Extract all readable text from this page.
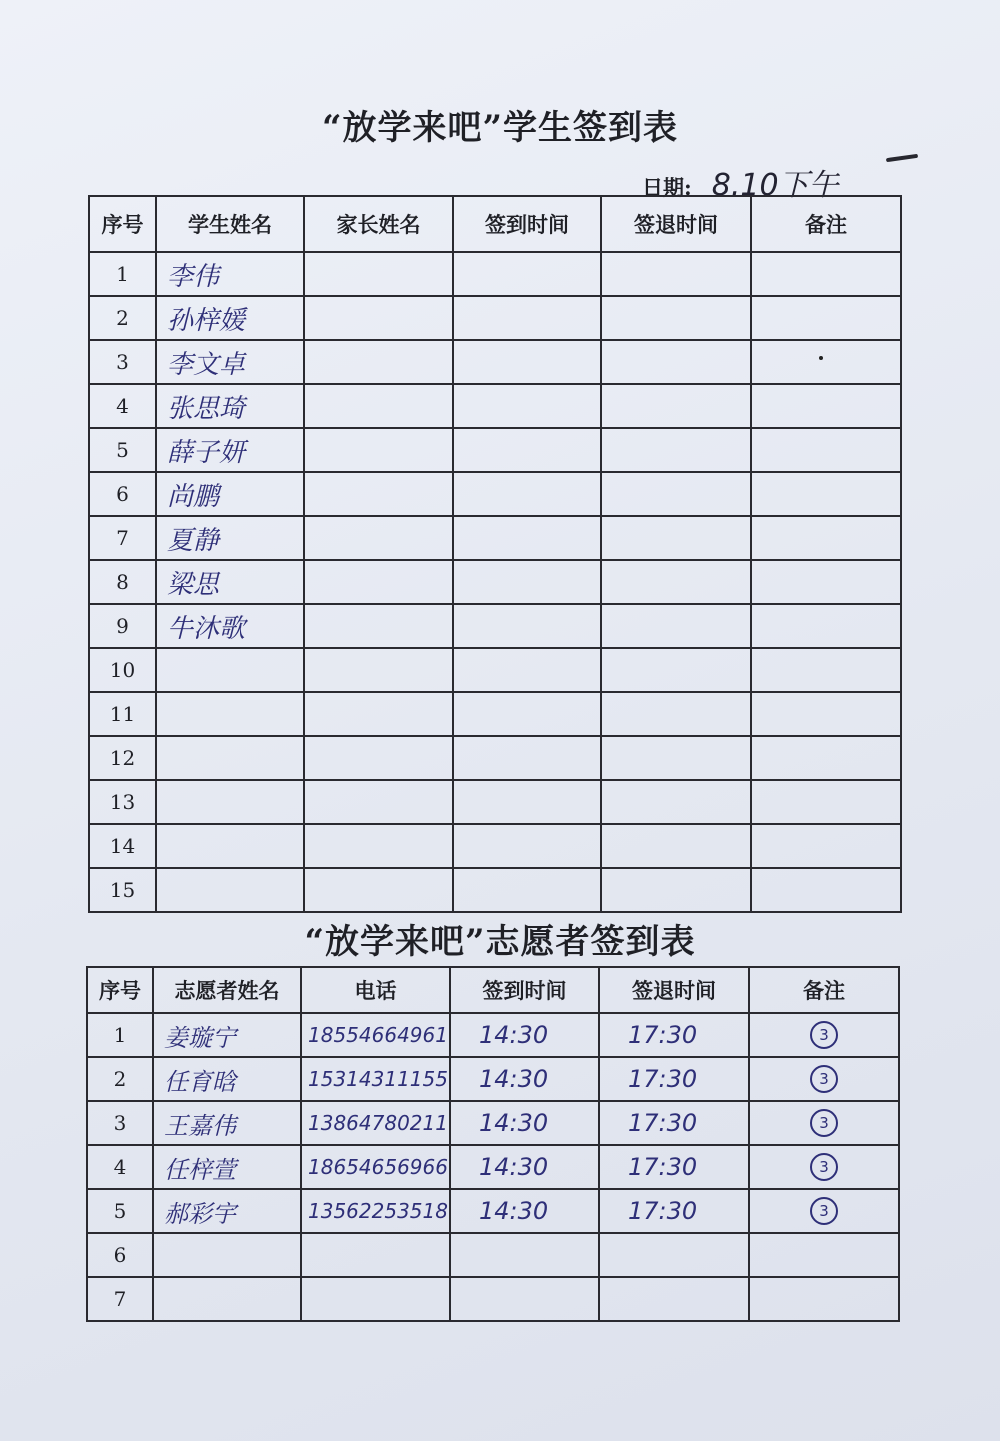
“放学来吧”学生签到表
日期: 8.10下午
序号	学生姓名	家长姓名	签到时间	签退时间	备注
1	李伟				
2	孙梓媛				
3	李文卓				
4	张思琦				
5	薛子妍				
6	尚鹏				
7	夏静				
8	梁思				
9	牛沐歌				
10					
11					
12					
13					
14					
15					
“放学来吧”志愿者签到表
序号	志愿者姓名	电话	签到时间	签退时间	备注
1	姜璇宁	18554664961	14:30	17:30	3
2	任育晗	15314311155	14:30	17:30	3
3	王嘉伟	13864780211	14:30	17:30	3
4	任梓萱	18654656966	14:30	17:30	3
5	郝彩宇	13562253518	14:30	17:30	3
6					
7					
